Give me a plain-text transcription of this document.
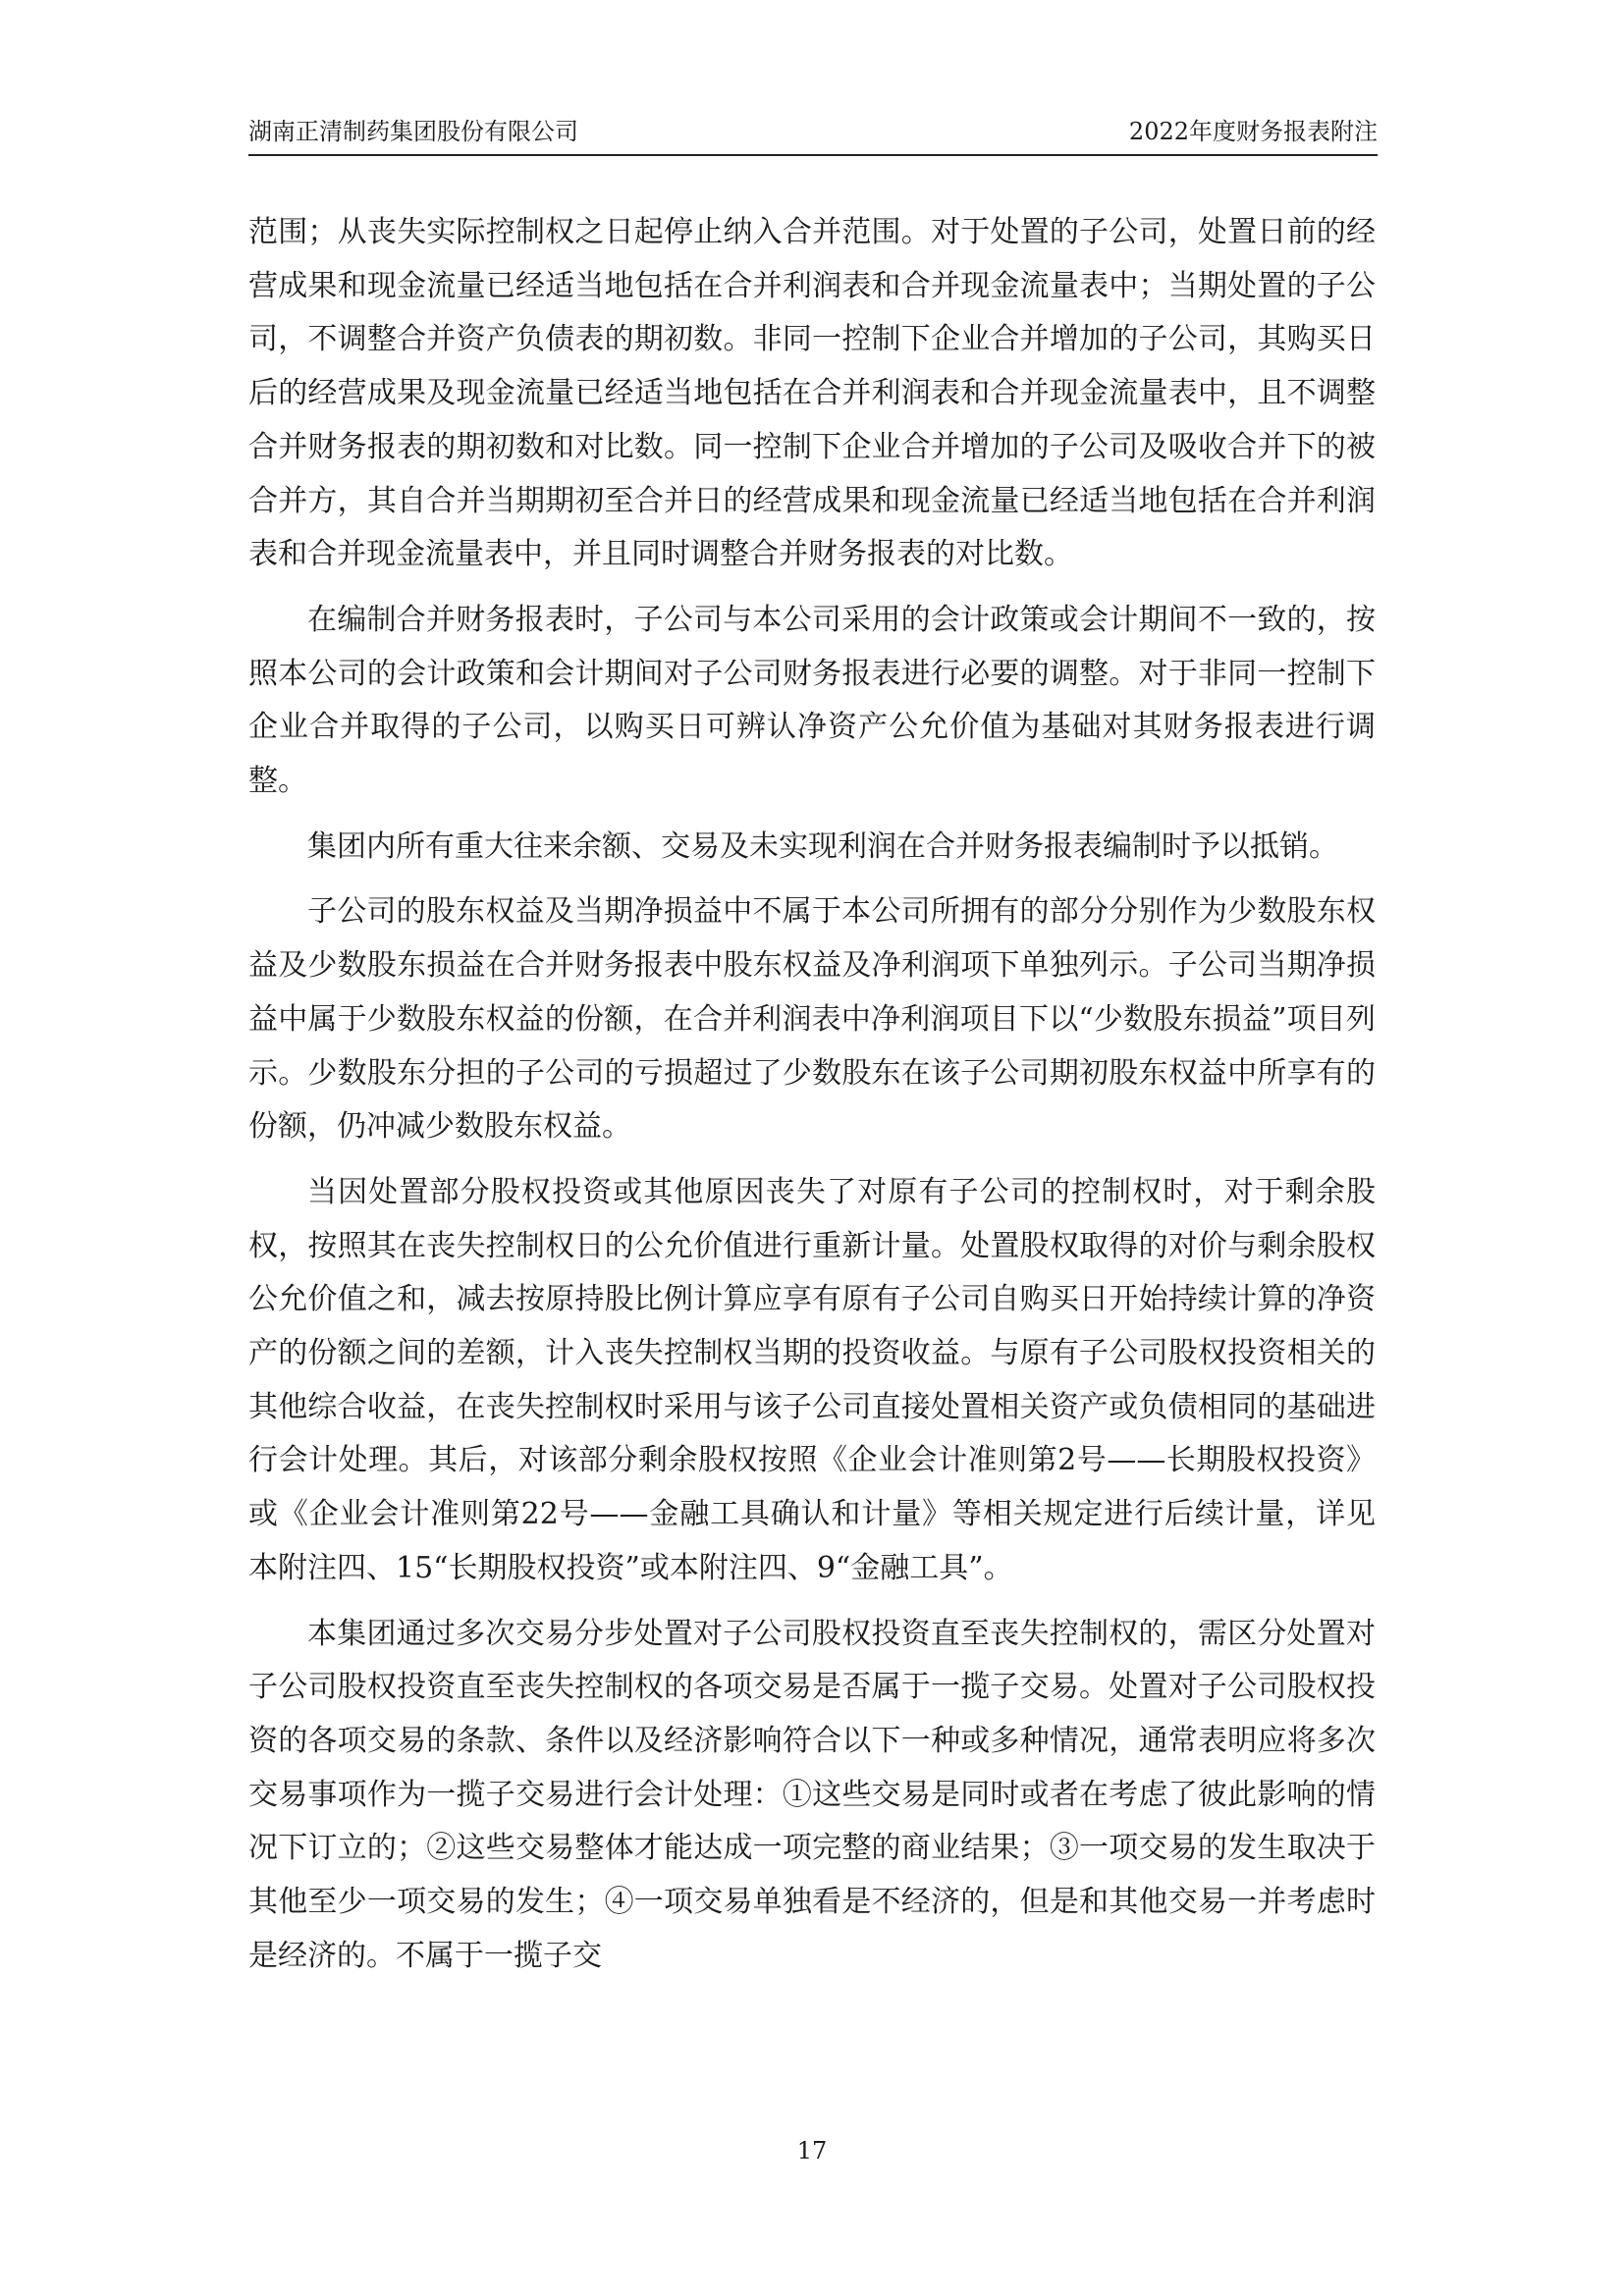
湖南正清制药集团股份有限公司	2022年度财务报表附注

范围；从丧失实际控制权之日起停止纳入合并范围。对于处置的子公司，处置日前的经营成果和现金流量已经适当地包括在合并利润表和合并现金流量表中；当期处置的子公司，不调整合并资产负债表的期初数。非同一控制下企业合并增加的子公司，其购买日后的经营成果及现金流量已经适当地包括在合并利润表和合并现金流量表中，且不调整合并财务报表的期初数和对比数。同一控制下企业合并增加的子公司及吸收合并下的被合并方，其自合并当期期初至合并日的经营成果和现金流量已经适当地包括在合并利润表和合并现金流量表中，并且同时调整合并财务报表的对比数。

在编制合并财务报表时，子公司与本公司采用的会计政策或会计期间不一致的，按照本公司的会计政策和会计期间对子公司财务报表进行必要的调整。对于非同一控制下企业合并取得的子公司，以购买日可辨认净资产公允价值为基础对其财务报表进行调整。

集团内所有重大往来余额、交易及未实现利润在合并财务报表编制时予以抵销。

子公司的股东权益及当期净损益中不属于本公司所拥有的部分分别作为少数股东权益及少数股东损益在合并财务报表中股东权益及净利润项下单独列示。子公司当期净损益中属于少数股东权益的份额，在合并利润表中净利润项目下以“少数股东损益”项目列示。少数股东分担的子公司的亏损超过了少数股东在该子公司期初股东权益中所享有的份额，仍冲减少数股东权益。

当因处置部分股权投资或其他原因丧失了对原有子公司的控制权时，对于剩余股权，按照其在丧失控制权日的公允价值进行重新计量。处置股权取得的对价与剩余股权公允价值之和，减去按原持股比例计算应享有原有子公司自购买日开始持续计算的净资产的份额之间的差额，计入丧失控制权当期的投资收益。与原有子公司股权投资相关的其他综合收益，在丧失控制权时采用与该子公司直接处置相关资产或负债相同的基础进行会计处理。其后，对该部分剩余股权按照《企业会计准则第2号——长期股权投资》或《企业会计准则第22号——金融工具确认和计量》等相关规定进行后续计量，详见本附注四、15“长期股权投资”或本附注四、9“金融工具”。

本集团通过多次交易分步处置对子公司股权投资直至丧失控制权的，需区分处置对子公司股权投资直至丧失控制权的各项交易是否属于一揽子交易。处置对子公司股权投资的各项交易的条款、条件以及经济影响符合以下一种或多种情况，通常表明应将多次交易事项作为一揽子交易进行会计处理：①这些交易是同时或者在考虑了彼此影响的情况下订立的；②这些交易整体才能达成一项完整的商业结果；③一项交易的发生取决于其他至少一项交易的发生；④一项交易单独看是不经济的，但是和其他交易一并考虑时是经济的。不属于一揽子交

17
